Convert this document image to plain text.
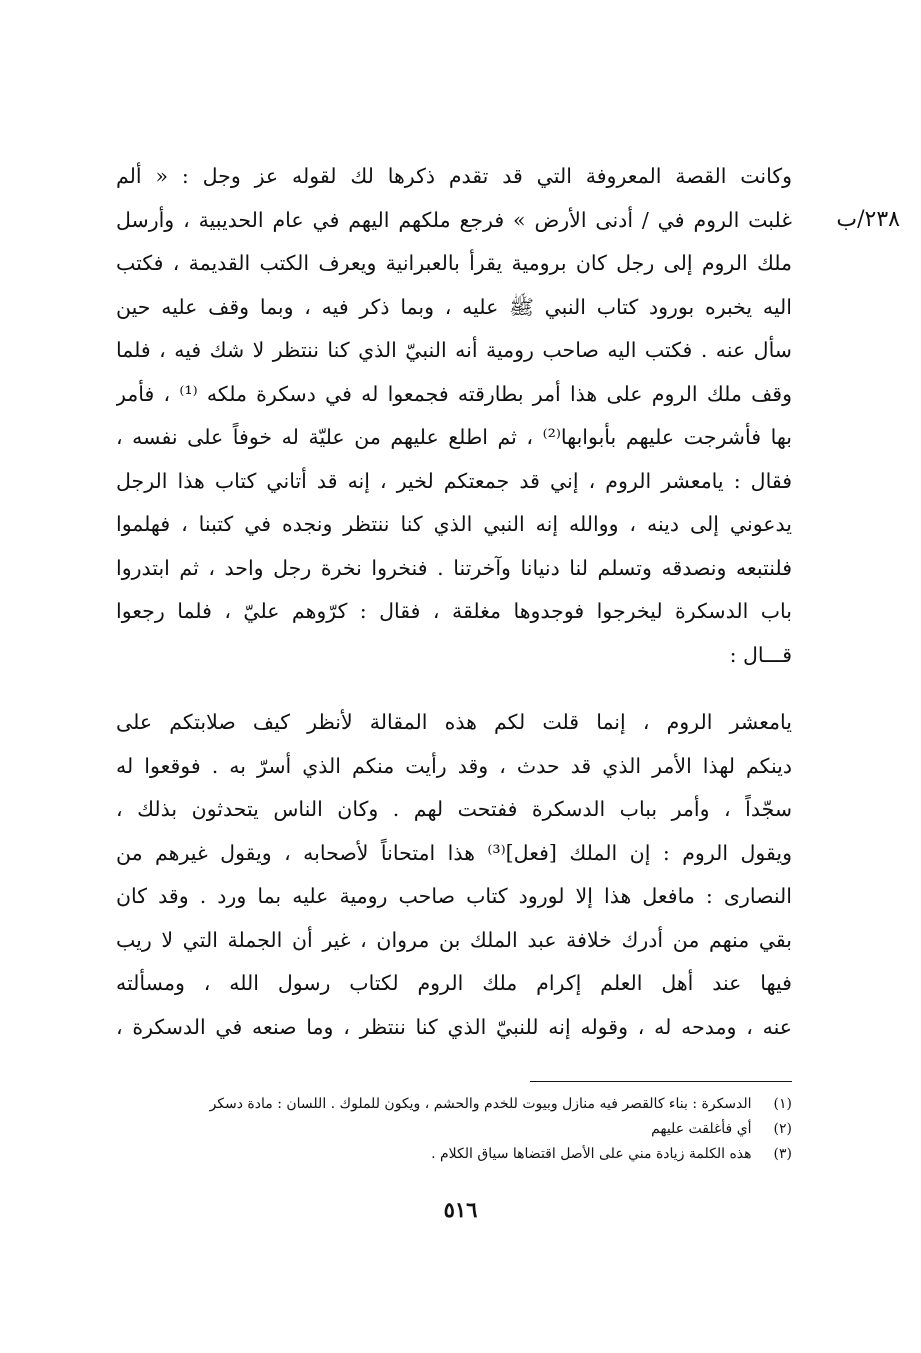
٢٣٨/ب
وكانت القصة المعروفة التي قد تقدم ذكرها لك لقوله عز وجل : « ألم
غلبت الروم في / أدنى الأرض » فرجع ملكهم اليهم في عام الحديبية ، وأرسل
ملك الروم إلى رجل كان برومية يقرأ بالعبرانية ويعرف الكتب القديمة ، فكتب
اليه يخبره بورود كتاب النبي ﷺ عليه ، وبما ذكر فيه ، وبما وقف عليه حين
سأل عنه . فكتب اليه صاحب رومية أنه النبيّ الذي كنا ننتظر لا شك فيه ، فلما
وقف ملك الروم على هذا أمر بطارقته فجمعوا له في دسكرة ملكه ⁽¹⁾ ، فأمر
بها فأشرجت عليهم بأبوابها⁽²⁾ ، ثم اطلع عليهم من عليّة له خوفاً على نفسه ،
فقال : يامعشر الروم ، إني قد جمعتكم لخير ، إنه قد أتاني كتاب هذا الرجل
يدعوني إلى دينه ، ووالله إنه النبي الذي كنا ننتظر ونجده في كتبنا ، فهلموا
فلنتبعه ونصدقه وتسلم لنا دنيانا وآخرتنا . فنخروا نخرة رجل واحد ، ثم ابتدروا
باب الدسكرة ليخرجوا فوجدوها مغلقة ، فقال : كرّوهم عليّ ، فلما رجعوا
قـــال :
يامعشر الروم ، إنما قلت لكم هذه المقالة لأنظر كيف صلابتكم على
دينكم لهذا الأمر الذي قد حدث ، وقد رأيت منكم الذي أسرّ به . فوقعوا له
سجّداً ، وأمر بباب الدسكرة ففتحت لهم . وكان الناس يتحدثون بذلك ،
ويقول الروم : إن الملك [فعل]⁽³⁾ هذا امتحاناً لأصحابه ، ويقول غيرهم من
النصارى : مافعل هذا إلا لورود كتاب صاحب رومية عليه بما ورد . وقد كان
بقي منهم من أدرك خلافة عبد الملك بن مروان ، غير أن الجملة التي لا ريب
فيها عند أهل العلم إكرام ملك الروم لكتاب رسول الله ، ومسألته
عنه ، ومدحه له ، وقوله إنه للنبيّ الذي كنا ننتظر ، وما صنعه في الدسكرة ،
(١) الدسكرة : بناء كالقصر فيه منازل وبيوت للخدم والحشم ، ويكون للملوك . اللسان : مادة دسكر
(٢) أي فأغلقت عليهم
(٣) هذه الكلمة زيادة مني على الأصل اقتضاها سياق الكلام .
٥١٦
